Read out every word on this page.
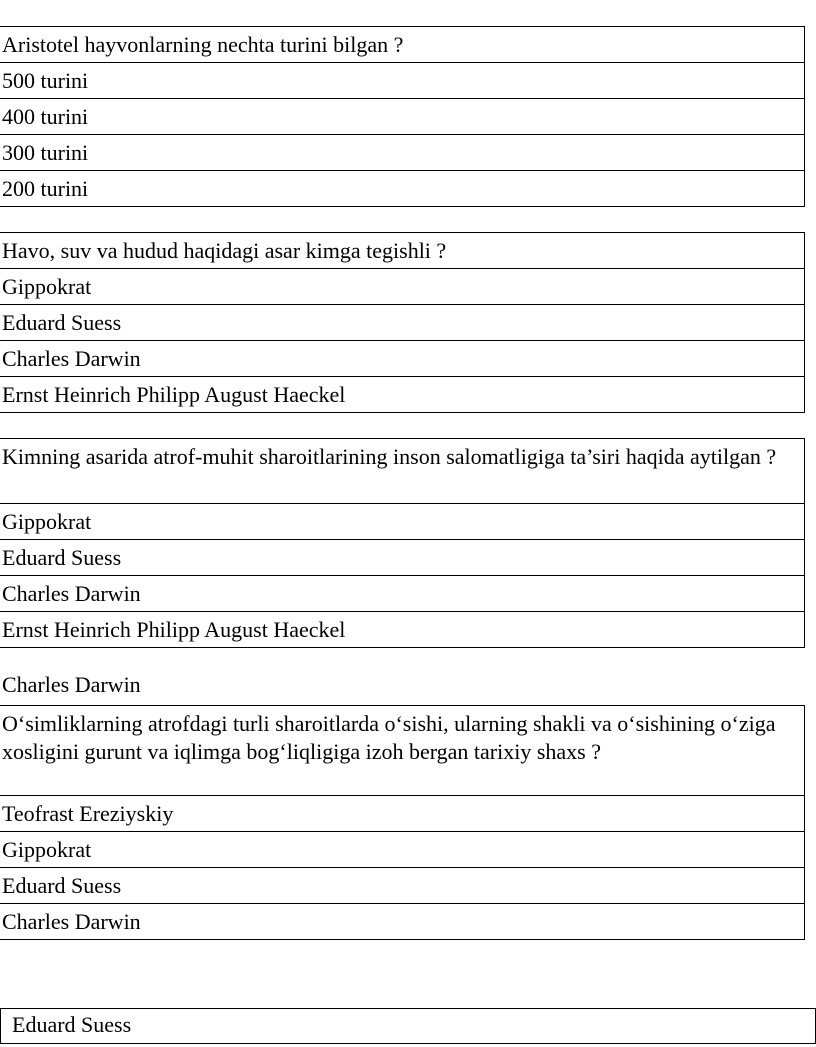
Aristotel hayvonlarning nechta turini bilgan ?
500 turini
400 turini
300 turini
200 turini
Havo, suv va hudud haqidagi asar kimga tegishli ?
Gippokrat
Eduard Suess
Charles Darwin
Ernst Heinrich Philipp August Haeckel
Kimning asarida atrof-muhit sharoitlarining inson salomatligiga ta’siri haqida aytilgan ?
Gippokrat
Eduard Suess
Charles Darwin
Ernst Heinrich Philipp August Haeckel
Charles Darwin
O‘simliklarning atrofdagi turli sharoitlarda o‘sishi, ularning shakli va o‘sishining o‘ziga xosligini gurunt va iqlimga bog‘liqligiga izoh bergan tarixiy shaxs ?
Teofrast Ereziyskiy
Gippokrat
Eduard Suess
Charles Darwin
Eduard Suess
